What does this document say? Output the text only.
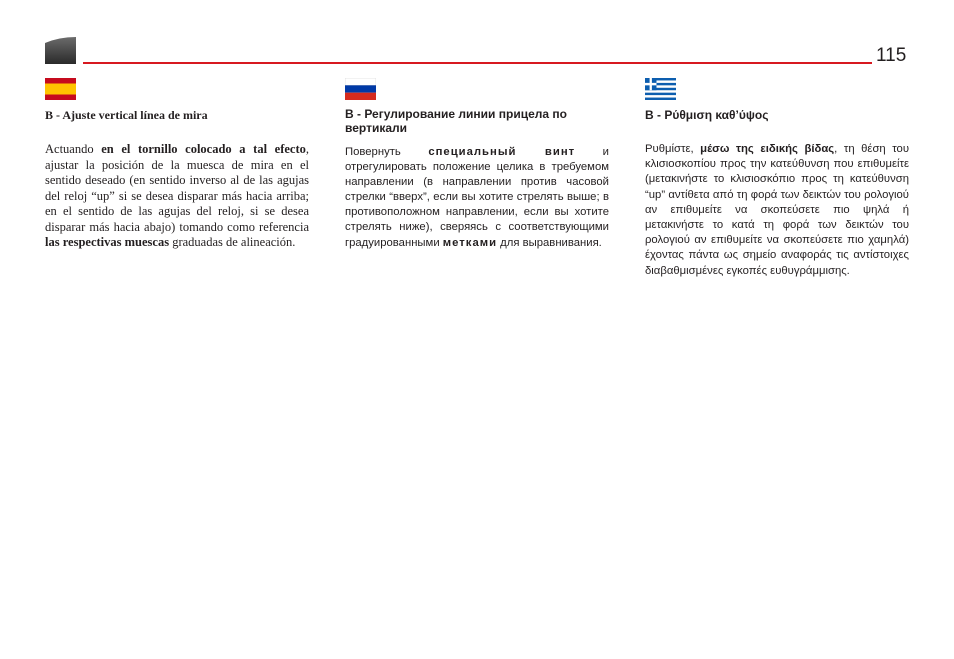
115

B - Ajuste vertical línea de mira

Actuando en el tornillo colocado a tal efecto, ajustar la posición de la muesca de mira en el sentido deseado (en sentido inverso al de las agujas del reloj “up” si se desea disparar más hacia arriba; en el sentido de las agujas del reloj, si se desea disparar más hacia abajo) tomando como referencia las respectivas muescas graduadas de alineación.

В - Регулирование линии прицела по вертикали

Повернуть специальный винт и отрегулировать положение целика в требуемом направлении (в направлении против часовой стрелки “вверх”, если вы хотите стрелять выше; в противоположном направлении, если вы хотите стрелять ниже), сверяясь с соответствующими градуированными метками для выравнивания.

B - Ρύθμιση καθ’ύψος

Ρυθμίστε, μέσω της ειδικής βίδας, τη θέση του κλισιοσκοπίου προς την κατεύθυνση που επιθυμείτε (μετακινήστε το κλισιοσκόπιο προς τη κατεύθυνση “up” αντίθετα από τη φορά των δεικτών του ρολογιού αν επιθυμείτε να σκοπεύσετε πιο ψηλά ή μετακινήστε το κατά τη φορά των δεικτών του ρολογιού αν επιθυμείτε να σκοπεύσετε πιο χαμηλά) έχοντας πάντα ως σημείο αναφοράς τις αντίστοιχες διαβαθμισμένες εγκοπές ευθυγράμμισης.
